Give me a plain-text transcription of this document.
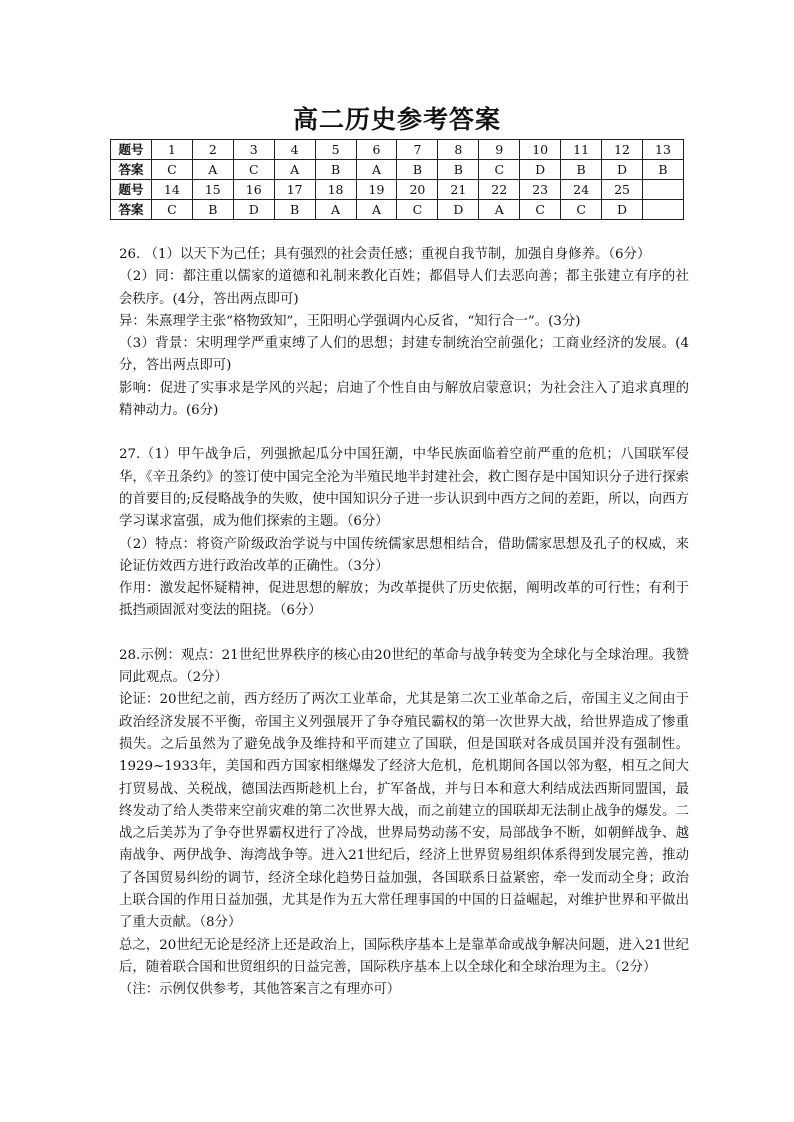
高二历史参考答案
题号	1	2	3	4	5	6	7	8	9	10	11	12	13
答案	C	A	C	A	B	A	B	B	C	D	B	D	B
题号	14	15	16	17	18	19	20	21	22	23	24	25	
答案	C	B	D	B	A	A	C	D	A	C	C	D	

26. （1）以天下为己任；具有强烈的社会责任感；重视自我节制，加强自身修养。（6分）

（2）同：都注重以儒家的道德和礼制来教化百姓；都倡导人们去恶向善；都主张建立有序的社会秩序。(4分，答出两点即可)

异：朱熹理学主张“格物致知”，王阳明心学强调内心反省，“知行合一”。(3分)

（3）背景：宋明理学严重束缚了人们的思想；封建专制统治空前强化；工商业经济的发展。(4分，答出两点即可)

影响：促进了实事求是学风的兴起；启迪了个性自由与解放启蒙意识；为社会注入了追求真理的精神动力。(6分)

27.（1）甲午战争后，列强掀起瓜分中国狂潮，中华民族面临着空前严重的危机；八国联军侵华，《辛丑条约》的签订使中国完全沦为半殖民地半封建社会，救亡图存是中国知识分子进行探索的首要目的;反侵略战争的失败，使中国知识分子进一步认识到中西方之间的差距，所以，向西方学习谋求富强，成为他们探索的主题。（6分）

（2）特点：将资产阶级政治学说与中国传统儒家思想相结合，借助儒家思想及孔子的权威，来论证仿效西方进行政治改革的正确性。（3分）

作用：激发起怀疑精神，促进思想的解放；为改革提供了历史依据，阐明改革的可行性；有利于抵挡顽固派对变法的阻挠。（6分）

28.示例：观点：21世纪世界秩序的核心由20世纪的革命与战争转变为全球化与全球治理。我赞同此观点。（2分）

论证：20世纪之前，西方经历了两次工业革命，尤其是第二次工业革命之后，帝国主义之间由于政治经济发展不平衡，帝国主义列强展开了争夺殖民霸权的第一次世界大战，给世界造成了惨重损失。之后虽然为了避免战争及维持和平而建立了国联，但是国联对各成员国并没有强制性。1929~1933年，美国和西方国家相继爆发了经济大危机，危机期间各国以邻为壑，相互之间大打贸易战、关税战，德国法西斯趁机上台，扩军备战，并与日本和意大利结成法西斯同盟国，最终发动了给人类带来空前灾难的第二次世界大战，而之前建立的国联却无法制止战争的爆发。二战之后美苏为了争夺世界霸权进行了冷战，世界局势动荡不安，局部战争不断，如朝鲜战争、越南战争、两伊战争、海湾战争等。进入21世纪后，经济上世界贸易组织体系得到发展完善，推动了各国贸易纠纷的调节，经济全球化趋势日益加强，各国联系日益紧密，牵一发而动全身；政治上联合国的作用日益加强，尤其是作为五大常任理事国的中国的日益崛起，对维护世界和平做出了重大贡献。（8分）

总之，20世纪无论是经济上还是政治上，国际秩序基本上是靠革命或战争解决问题，进入21世纪后，随着联合国和世贸组织的日益完善，国际秩序基本上以全球化和全球治理为主。（2分）

（注：示例仅供参考，其他答案言之有理亦可）
